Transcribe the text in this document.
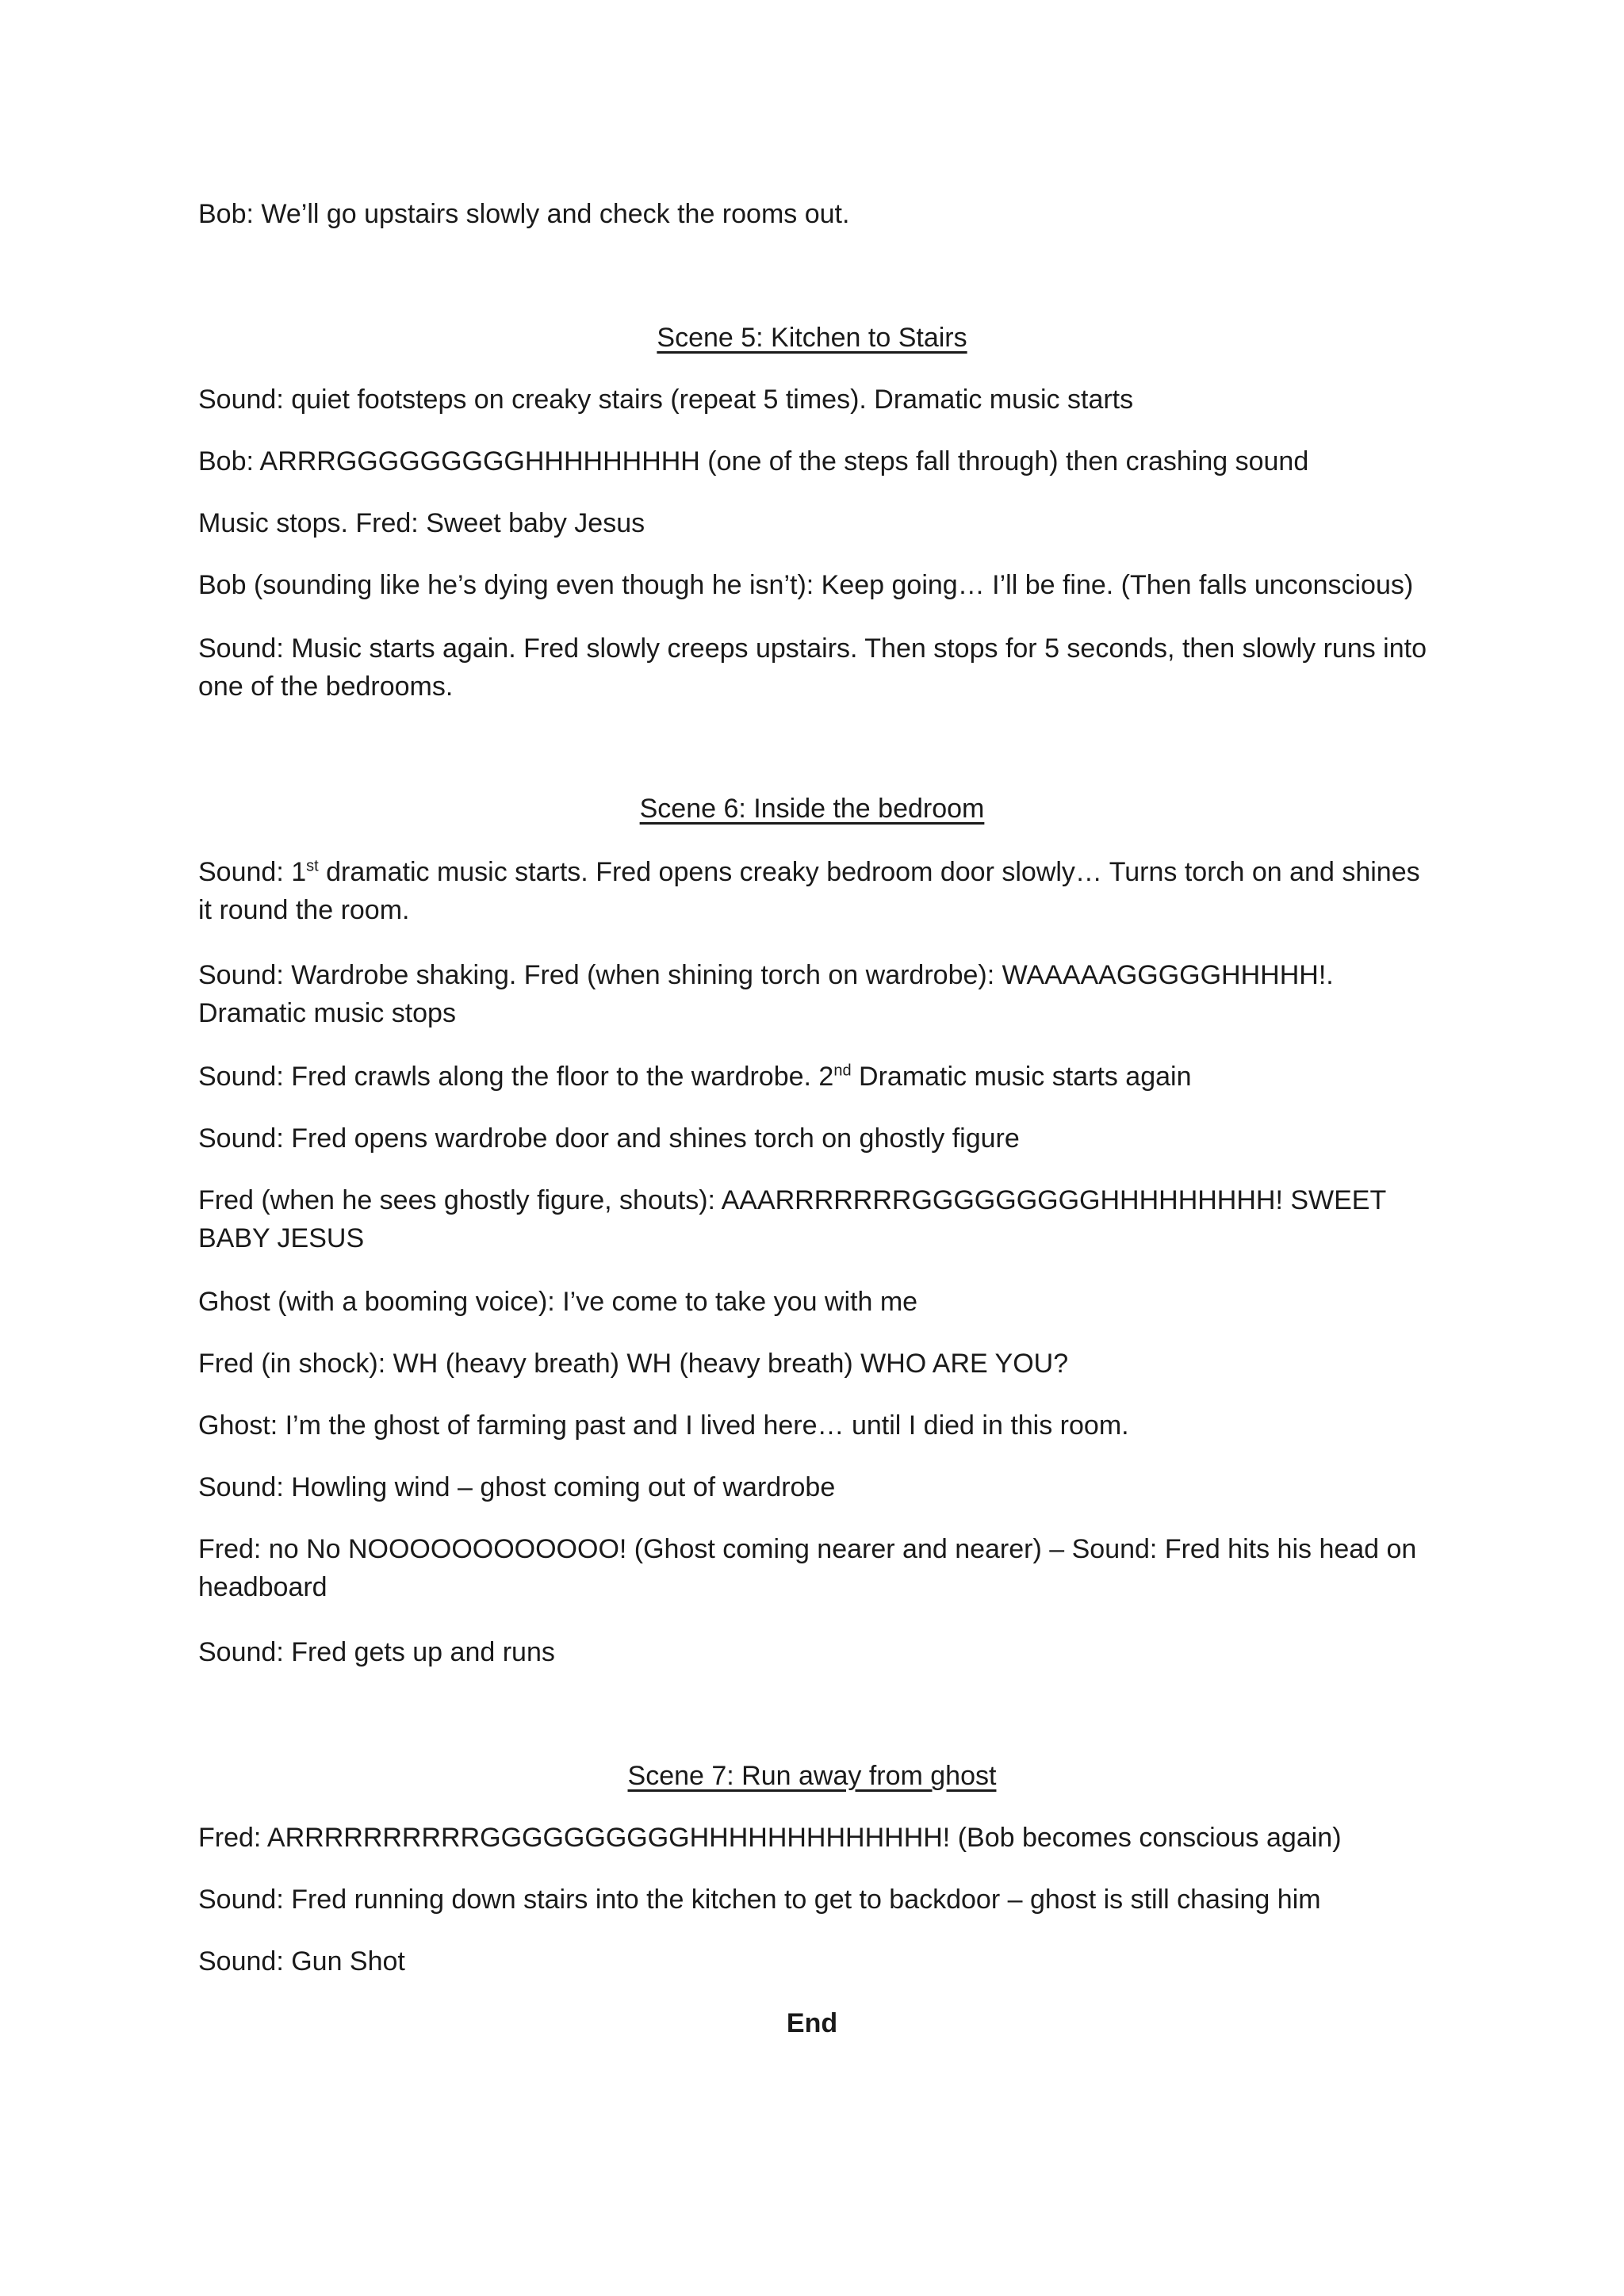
Bob: We’ll go upstairs slowly and check the rooms out.

Scene 5: Kitchen to Stairs

Sound: quiet footsteps on creaky stairs (repeat 5 times). Dramatic music starts

Bob: ARRRGGGGGGGGGHHHHHHHHH (one of the steps fall through) then crashing sound

Music stops. Fred: Sweet baby Jesus

Bob (sounding like he’s dying even though he isn’t): Keep going… I’ll be fine. (Then falls unconscious)

Sound: Music starts again. Fred slowly creeps upstairs. Then stops for 5 seconds, then slowly runs into one of the bedrooms.

Scene 6: Inside the bedroom

Sound: 1st dramatic music starts. Fred opens creaky bedroom door slowly… Turns torch on and shines it round the room.

Sound: Wardrobe shaking. Fred (when shining torch on wardrobe): WAAAAAGGGGGHHHHH!. Dramatic music stops

Sound: Fred crawls along the floor to the wardrobe. 2nd Dramatic music starts again

Sound: Fred opens wardrobe door and shines torch on ghostly figure

Fred (when he sees ghostly figure, shouts): AAARRRRRRRGGGGGGGGGHHHHHHHHH! SWEET BABY JESUS

Ghost (with a booming voice): I’ve come to take you with me

Fred (in shock): WH (heavy breath) WH (heavy breath) WHO ARE YOU?

Ghost: I’m the ghost of farming past and I lived here… until I died in this room.

Sound: Howling wind – ghost coming out of wardrobe

Fred: no No NOOOOOOOOOOOO! (Ghost coming nearer and nearer) – Sound: Fred hits his head on headboard

Sound: Fred gets up and runs

Scene 7: Run away from ghost

Fred: ARRRRRRRRRRGGGGGGGGGGHHHHHHHHHHHHH! (Bob becomes conscious again)

Sound: Fred running down stairs into the kitchen to get to backdoor – ghost is still chasing him

Sound: Gun Shot

End
